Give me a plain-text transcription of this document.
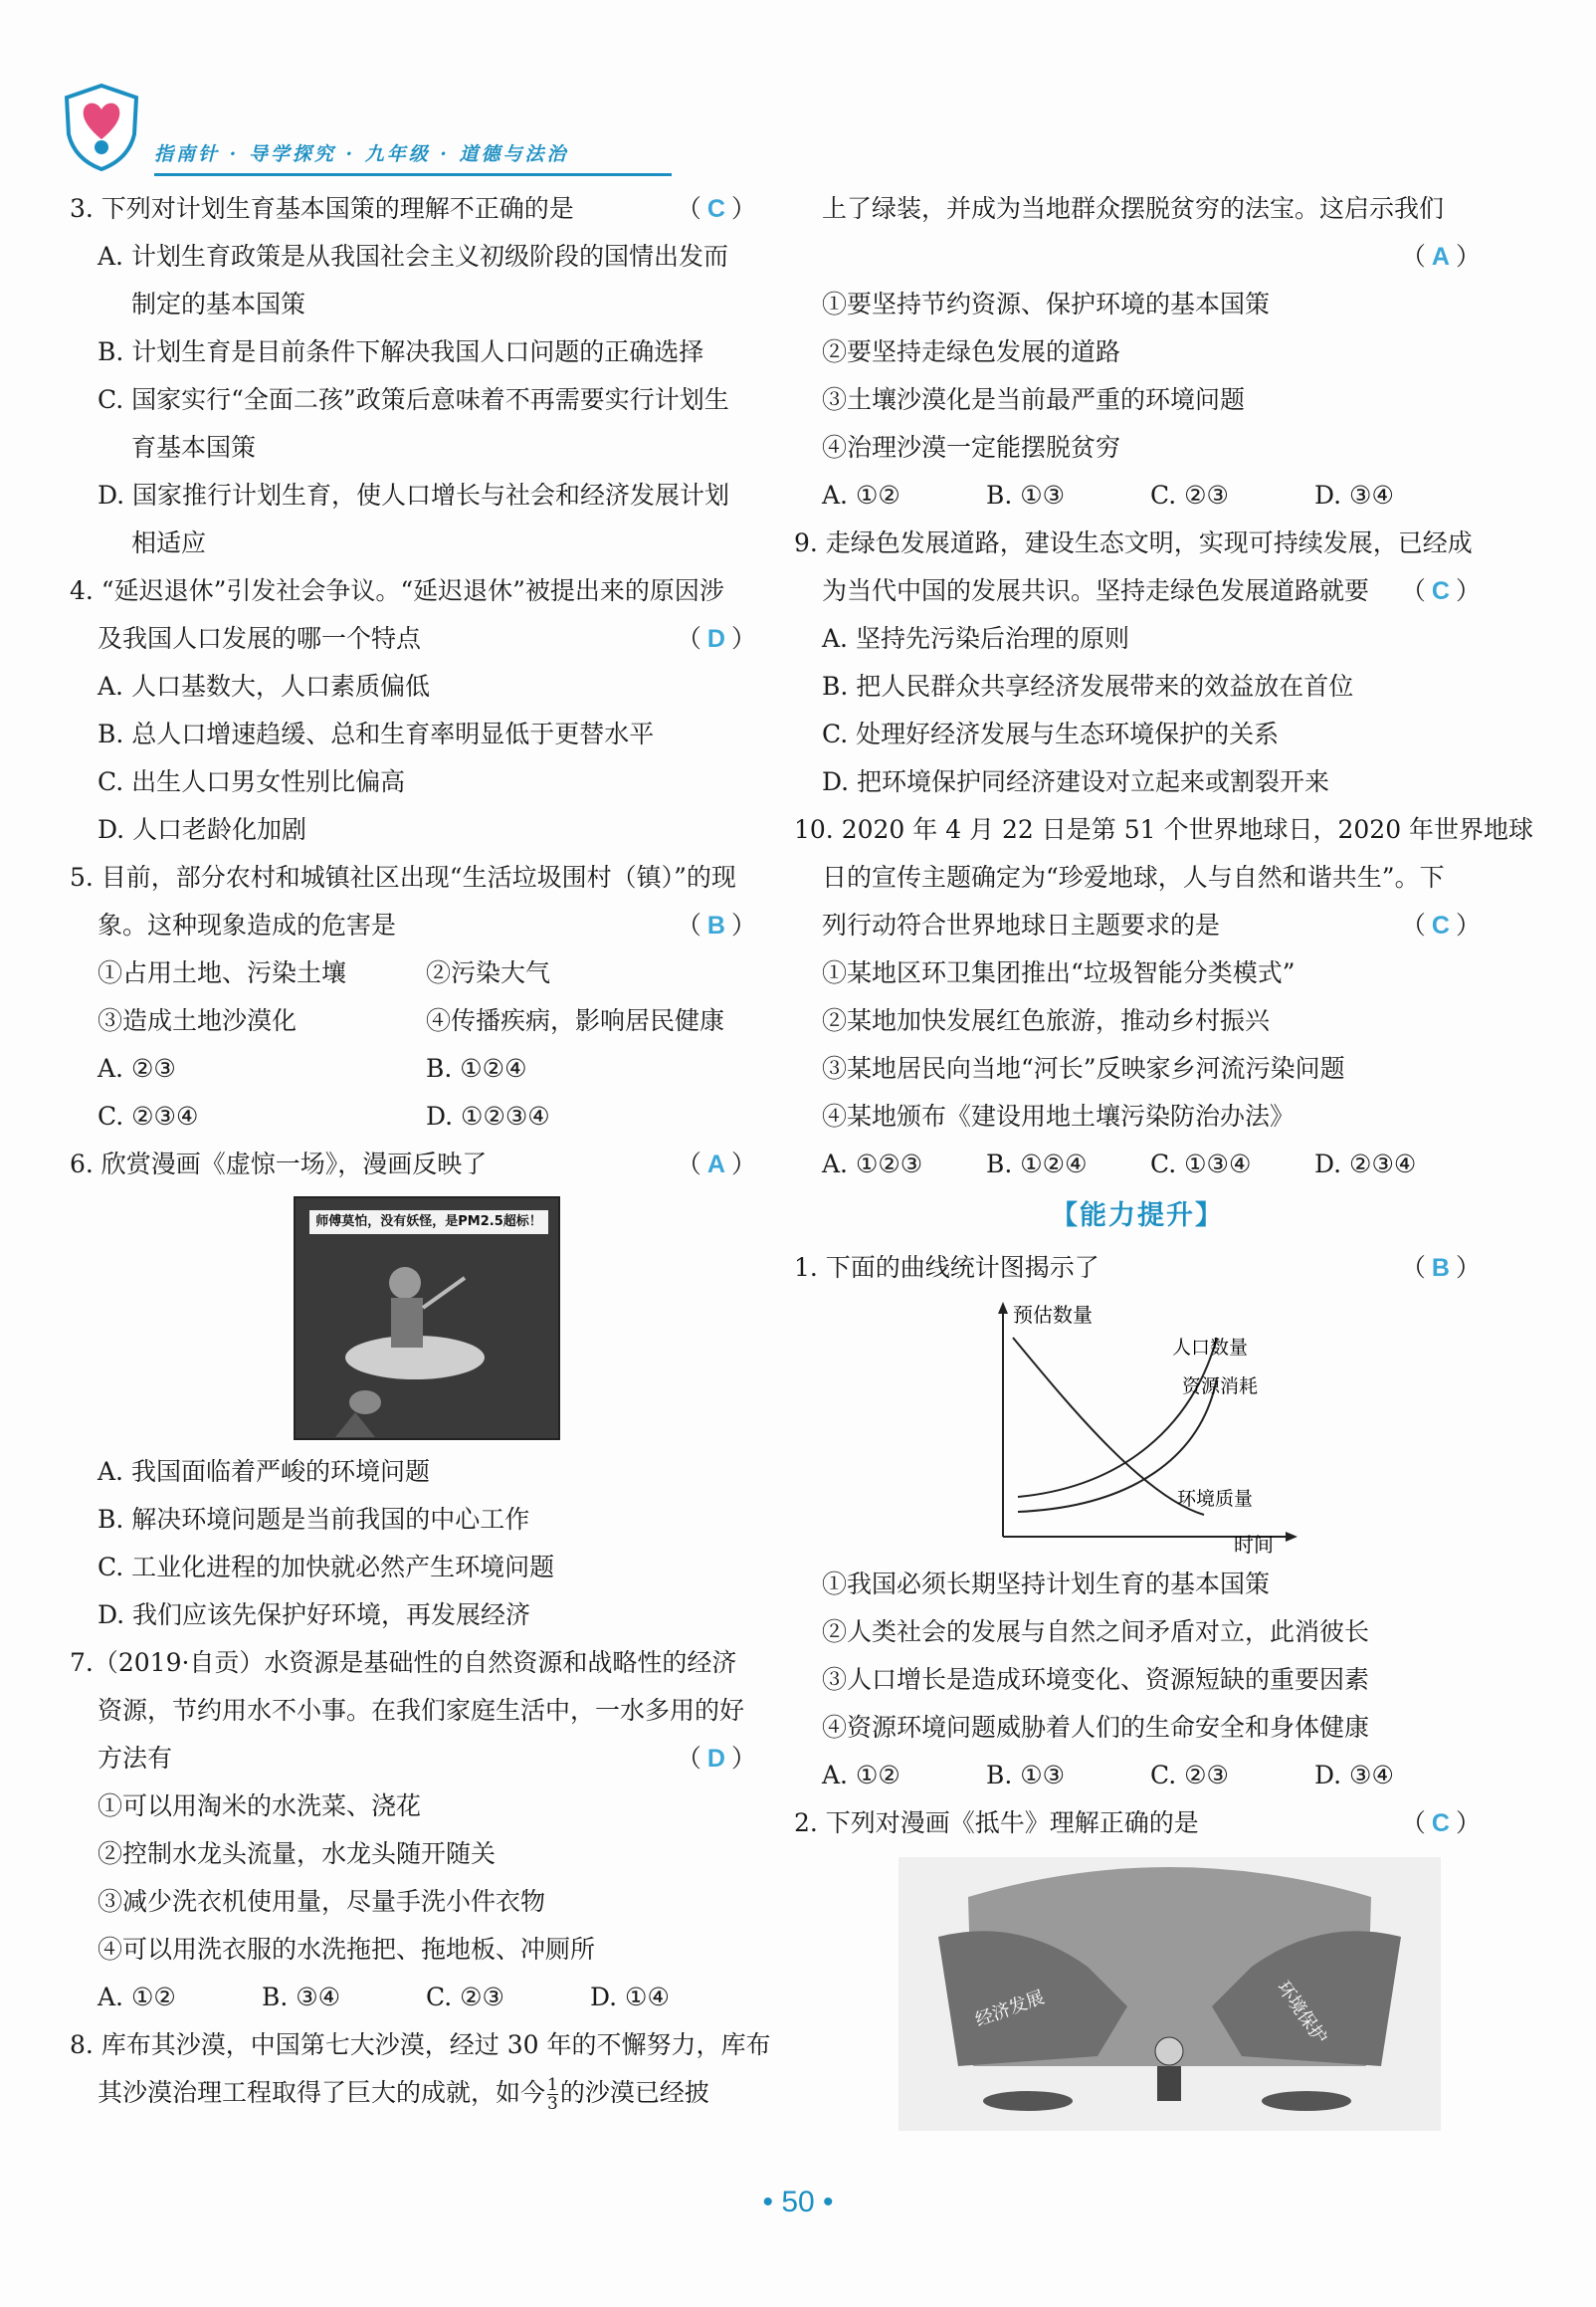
指南针 · 导学探究 · 九年级 · 道德与法治
3. 下列对计划生育基本国策的理解不正确的是	（ C ）
A. 计划生育政策是从我国社会主义初级阶段的国情出发而
制定的基本国策
B. 计划生育是目前条件下解决我国人口问题的正确选择
C. 国家实行“全面二孩”政策后意味着不再需要实行计划生
育基本国策
D. 国家推行计划生育，使人口增长与社会和经济发展计划
相适应
4. “延迟退休”引发社会争议。“延迟退休”被提出来的原因涉
及我国人口发展的哪一个特点	（ D ）
A. 人口基数大，人口素质偏低
B. 总人口增速趋缓、总和生育率明显低于更替水平
C. 出生人口男女性别比偏高
D. 人口老龄化加剧
5. 目前，部分农村和城镇社区出现“生活垃圾围村（镇）”的现
象。这种现象造成的危害是	（ B ）
①占用土地、污染土壤	②污染大气
③造成土地沙漠化	④传播疾病，影响居民健康
A. ②③	B. ①②④
C. ②③④	D. ①②③④
6. 欣赏漫画《虚惊一场》，漫画反映了	（ A ）
师傅莫怕，没有妖怪，是PM2.5超标！
A. 我国面临着严峻的环境问题
B. 解决环境问题是当前我国的中心工作
C. 工业化进程的加快就必然产生环境问题
D. 我们应该先保护好环境，再发展经济
7.（2019·自贡）水资源是基础性的自然资源和战略性的经济
资源，节约用水不小事。在我们家庭生活中，一水多用的好
方法有	（ D ）
①可以用淘米的水洗菜、浇花
②控制水龙头流量，水龙头随开随关
③减少洗衣机使用量，尽量手洗小件衣物
④可以用洗衣服的水洗拖把、拖地板、冲厕所
A. ①②	B. ③④	C. ②③	D. ①④
8. 库布其沙漠，中国第七大沙漠，经过 30 年的不懈努力，库布
其沙漠治理工程取得了巨大的成就，如今 $\frac{1}{3}$ 的沙漠已经披
上了绿装，并成为当地群众摆脱贫穷的法宝。这启示我们
（ A ）
①要坚持节约资源、保护环境的基本国策
②要坚持走绿色发展的道路
③土壤沙漠化是当前最严重的环境问题
④治理沙漠一定能摆脱贫穷
A. ①②	B. ①③	C. ②③	D. ③④
9. 走绿色发展道路，建设生态文明，实现可持续发展，已经成
为当代中国的发展共识。坚持走绿色发展道路就要 （ C ）
A. 坚持先污染后治理的原则
B. 把人民群众共享经济发展带来的效益放在首位
C. 处理好经济发展与生态环境保护的关系
D. 把环境保护同经济建设对立起来或割裂开来
10. 2020 年 4 月 22 日是第 51 个世界地球日，2020 年世界地球
日的宣传主题确定为“珍爱地球，人与自然和谐共生”。下
列行动符合世界地球日主题要求的是	（ C ）
①某地区环卫集团推出“垃圾智能分类模式”
②某地加快发展红色旅游，推动乡村振兴
③某地居民向当地“河长”反映家乡河流污染问题
④某地颁布《建设用地土壤污染防治办法》
A. ①②③	B. ①②④	C. ①③④	D. ②③④
【能力提升】
1. 下面的曲线统计图揭示了	（ B ）
预估数量
时间
人口数量
资源消耗
环境质量
①我国必须长期坚持计划生育的基本国策
②人类社会的发展与自然之间矛盾对立，此消彼长
③人口增长是造成环境变化、资源短缺的重要因素
④资源环境问题威胁着人们的生命安全和身体健康
A. ①②	B. ①③	C. ②③	D. ③④
2. 下列对漫画《抵牛》理解正确的是	（ C ）
经济发展	环境保护
• 50 •
